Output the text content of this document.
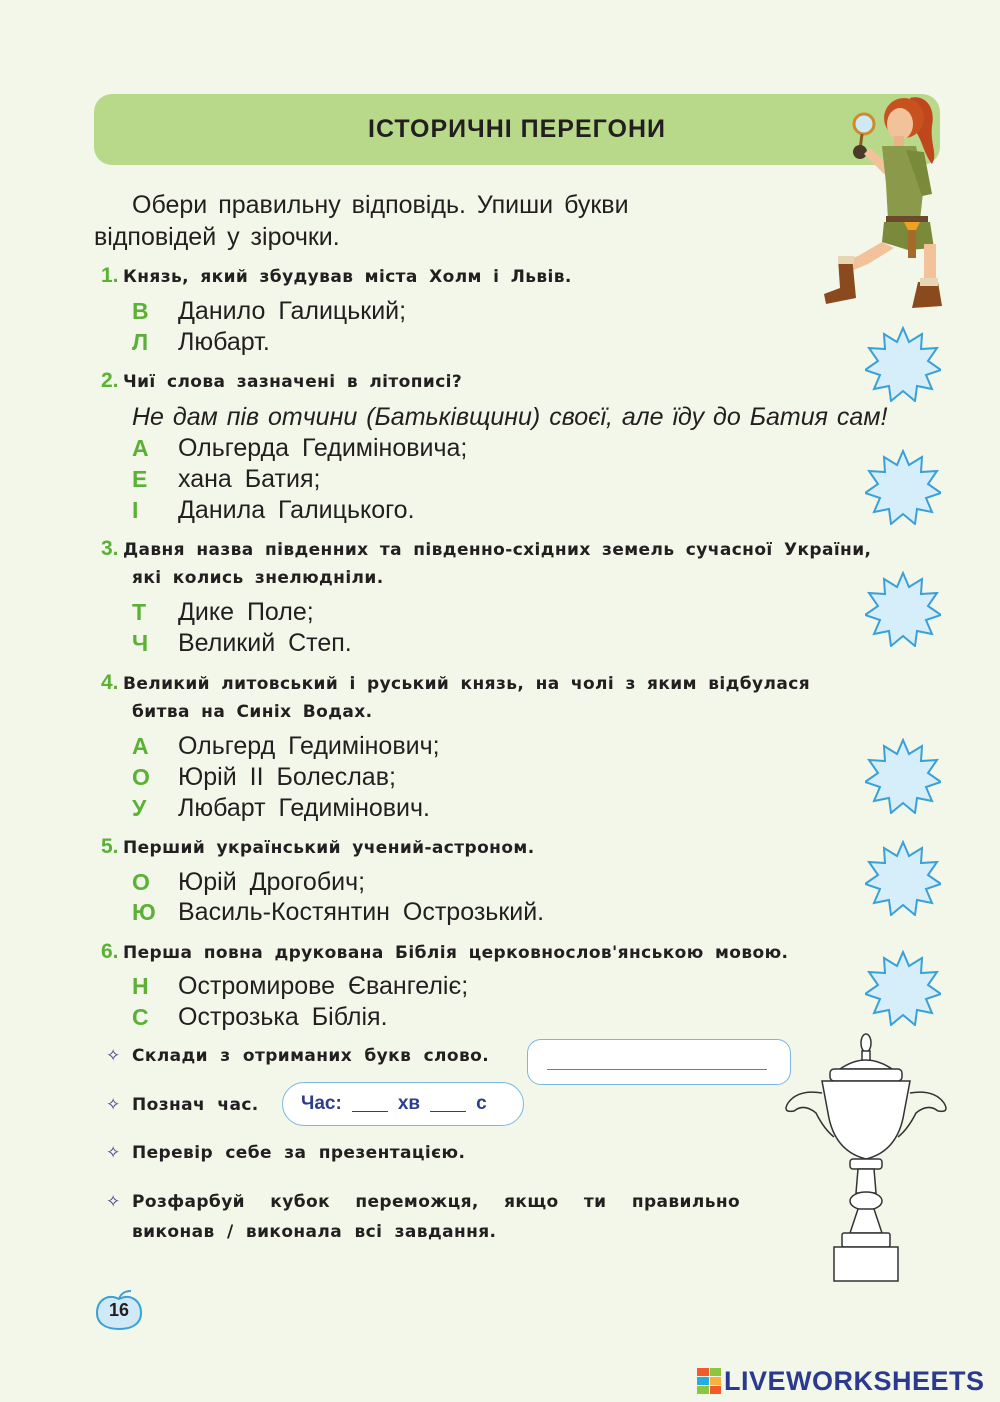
ІСТОРИЧНІ ПЕРЕГОНИ
Обери правильну відповідь. Упиши букви
відповідей у зірочки.
1. Князь, який збудував міста Холм і Львів.
В Данило Галицький;
Л Любарт.
2. Чиї слова зазначені в літописі?
Не дам пів отчини (Батьківщини) своєї, але їду до Батия сам!
А Ольгерда Гедиміновича;
Е хана Батия;
І Данила Галицького.
3. Давня назва південних та південно-східних земель сучасної України,
які колись знелюдніли.
Т Дике Поле;
Ч Великий Степ.
4. Великий литовський і руський князь, на чолі з яким відбулася
битва на Синіх Водах.
А Ольгерд Гедимінович;
О Юрій ІІ Болеслав;
У Любарт Гедимінович.
5. Перший український учений-астроном.
О Юрій Дрогобич;
Ю Василь-Костянтин Острозький.
6. Перша повна друкована Біблія церковнослов'янською мовою.
Н Остромирове Євангеліє;
С Острозька Біблія.
✧ Склади з отриманих букв слово.
✧ Познач час. Час:	хв	с
✧ Перевір себе за презентацією.
✧ Розфарбуй кубок переможця, якщо ти правильно
виконав / виконала всі завдання.
16
LIVEWORKSHEETS
